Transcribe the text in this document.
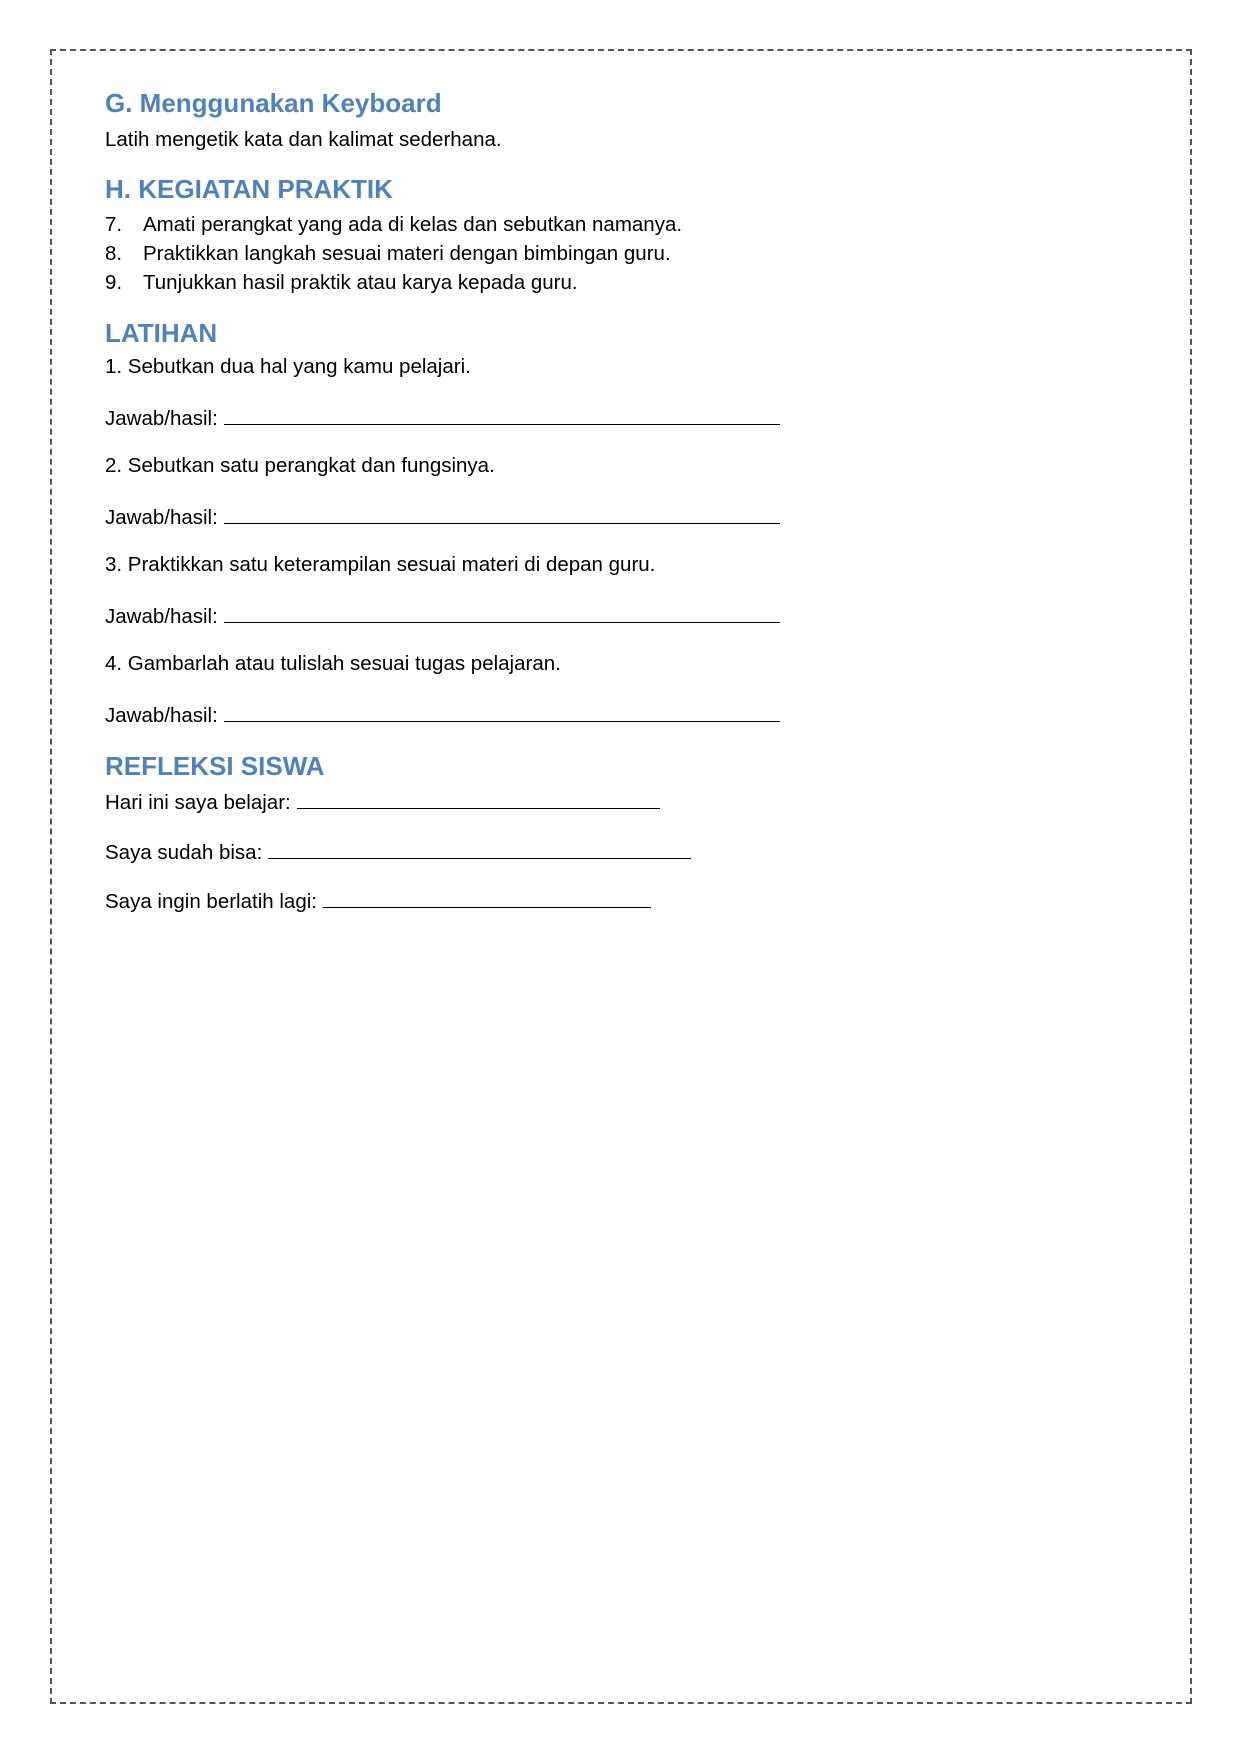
G. Menggunakan Keyboard

Latih mengetik kata dan kalimat sederhana.

H. KEGIATAN PRAKTIK
7.	Amati perangkat yang ada di kelas dan sebutkan namanya.
8.	Praktikkan langkah sesuai materi dengan bimbingan guru.
9.	Tunjukkan hasil praktik atau karya kepada guru.
LATIHAN
1. Sebutkan dua hal yang kamu pelajari.
Jawab/hasil:
2. Sebutkan satu perangkat dan fungsinya.
Jawab/hasil:
3. Praktikkan satu keterampilan sesuai materi di depan guru.
Jawab/hasil:
4. Gambarlah atau tulislah sesuai tugas pelajaran.
Jawab/hasil:
REFLEKSI SISWA
Hari ini saya belajar:
Saya sudah bisa:
Saya ingin berlatih lagi:
